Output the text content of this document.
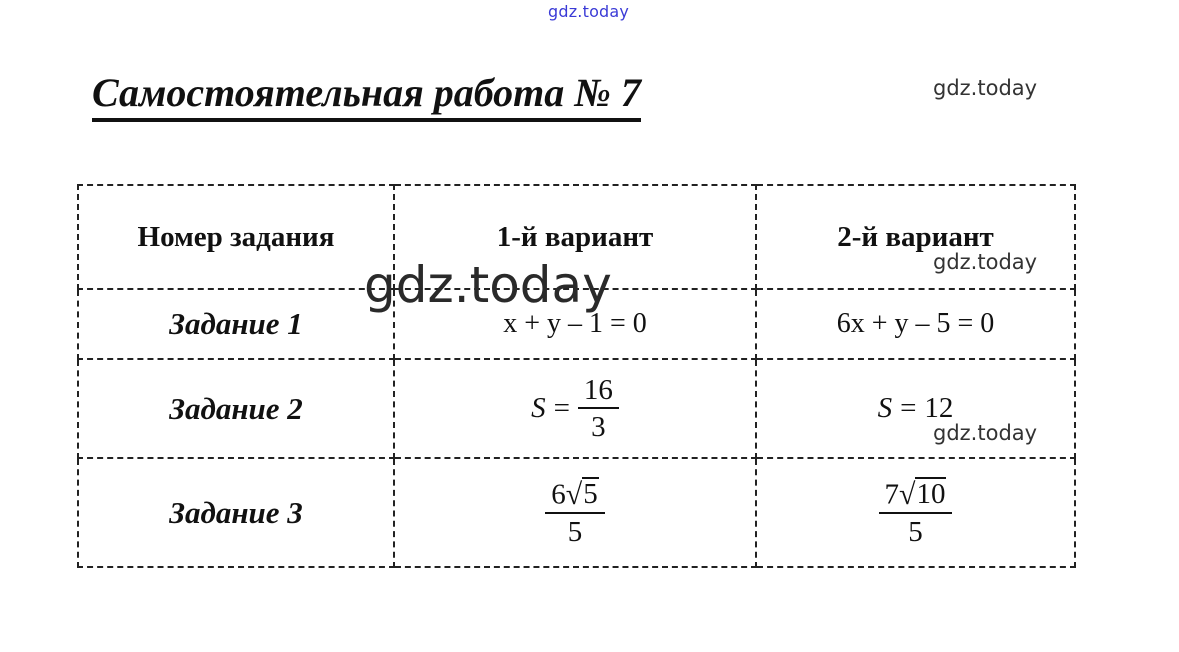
gdz.today
Самостоятельная работа № 7	gdz.today
Номер задания	1-й вариант	2-й вариант
Задание 1	x + y – 1 = 0	6x + y – 5 = 0
Задание 2	$S = \frac{16}{3}$	S = 12

Задание 3	$\frac{6 √ 5}{5}$	$\frac{7 √ 10}{5}$
gdz.today	gdz.today
gdz.today
